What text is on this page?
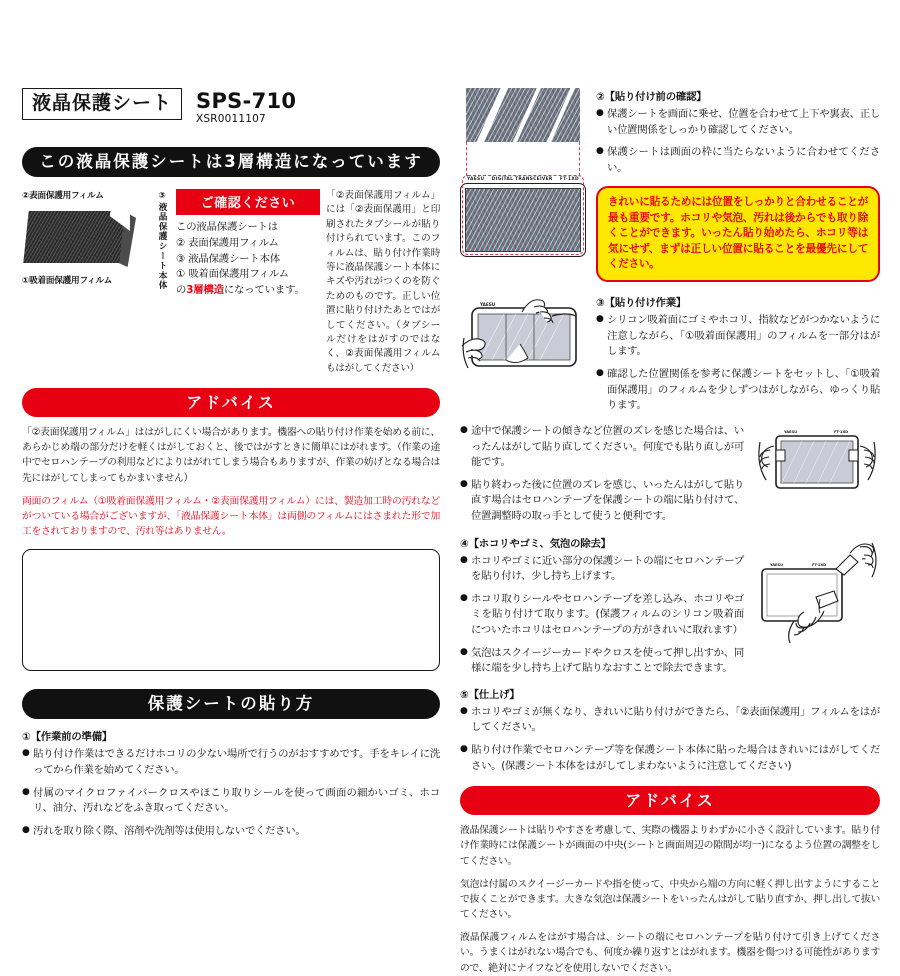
液晶保護シート	SPS-710
XSR0011107
この液晶保護シートは3層構造になっています
②表面保護用フィルム
①吸着面保護用フィルム	③液晶保護シート本体	ご確認ください
この液晶保護シートは
② 表面保護用フィルム
③ 液晶保護シート本体
① 吸着面保護用フィルム
の3層構造になっています。
「②表面保護用フィルム」には「②表面保護用」と印刷されたタブシールが貼り付けられています。このフィルムは、貼り付け作業時等に液晶保護シート本体にキズや汚れがつくのを防ぐためのものです。正しい位置に貼り付けたあとではがしてください。（タブシールだけをはがすのではなく、②表面保護用フィルムもはがしてください）
アドバイス
「②表面保護用フィルム」ははがしにくい場合があります。機器への貼り付け作業を始める前に、あらかじめ端の部分だけを軽くはがしておくと、後ではがすときに簡単にはがれます。（作業の途中でセロハンテープの利用などによりはがれてしまう場合もありますが、作業の妨げとなる場合は先にはがしてしまってもかまいません）
両面のフィルム（①吸着面保護用フィルム・②表面保護用フィルム）には、製造加工時の汚れなどがついている場合がございますが、「液晶保護シート本体」は両側のフィルムにはさまれた形で加工をされておりますので、汚れ等はありません。
保護シートの貼り方
①【作業前の準備】
● 貼り付け作業はできるだけホコリの少ない場所で行うのがおすすめです。手をキレイに洗ってから作業を始めてください。
● 付属のマイクロファイバークロスやほこり取りシールを使って画面の細かいゴミ、ホコリ、油分、汚れなどをふき取ってください。
● 汚れを取り除く際、溶剤や洗剤等は使用しないでください。
YAESU DIGITAL TRANSCEIVER FT-1XD
②【貼り付け前の確認】
● 保護シートを画面に乗せ、位置を合わせて上下や裏表、正しい位置関係をしっかり確認してください。
● 保護シートは画面の枠に当たらないように合わせてください。
きれいに貼るためには位置をしっかりと合わせることが最も重要です。ホコリや気泡、汚れは後からでも取り除くことができます。いったん貼り始めたら、ホコリ等は気にせず、まずは正しい位置に貼ることを最優先にしてください。
YAESU	③【貼り付け作業】
● シリコン吸着面にゴミやホコリ、指紋などがつかないように注意しながら、「①吸着面保護用」のフィルムを一部分はがします。
● 確認した位置関係を参考に保護シートをセットし、「①吸着面保護用」のフィルムを少しずつはがしながら、ゆっくり貼ります。
● 途中で保護シートの傾きなど位置のズレを感じた場合は、いったんはがして貼り直してください。何度でも貼り直しが可能です。
● 貼り終わった後に位置のズレを感じ、いったんはがして貼り直す場合はセロハンテープを保護シートの端に貼り付けて、位置調整時の取っ手として使うと便利です。
YAESU	FT-1XD
④【ホコリやゴミ、気泡の除去】
● ホコリやゴミに近い部分の保護シートの端にセロハンテープを貼り付け、少し持ち上げます。
● ホコリ取りシールやセロハンテープを差し込み、ホコリやゴミを貼り付けて取ります。(保護フィルムのシリコン吸着面についたホコリはセロハンテープの方がきれいに取れます）
● 気泡はスクイージーカードやクロスを使って押し出すか、同様に端を少し持ち上げて貼りなおすことで除去できます。
YAESU	FT-1XD
⑤【仕上げ】
● ホコリやゴミが無くなり、きれいに貼り付けができたら、「②表面保護用」フィルムをはがしてください。
● 貼り付け作業でセロハンテープ等を保護シート本体に貼った場合はきれいにはがしてください。(保護シート本体をはがしてしまわないように注意してください)
アドバイス
液晶保護シートは貼りやすさを考慮して、実際の機器よりわずかに小さく設計しています。貼り付け作業時には保護シートが画面の中央(シートと画面周辺の隙間が均一)になるよう位置の調整をしてください。
気泡は付属のスクイージーカードや指を使って、中央から端の方向に軽く押し出すようにすることで抜くことができます。大きな気泡は保護シートをいったんはがして貼り直すか、押し出して抜いてください。
液晶保護フィルムをはがす場合は、シートの端にセロハンテープを貼り付けて引き上げてください。うまくはがれない場合でも、何度か繰り返すとはがれます。機器を傷つける可能性がありますので、絶対にナイフなどを使用しないでください。
